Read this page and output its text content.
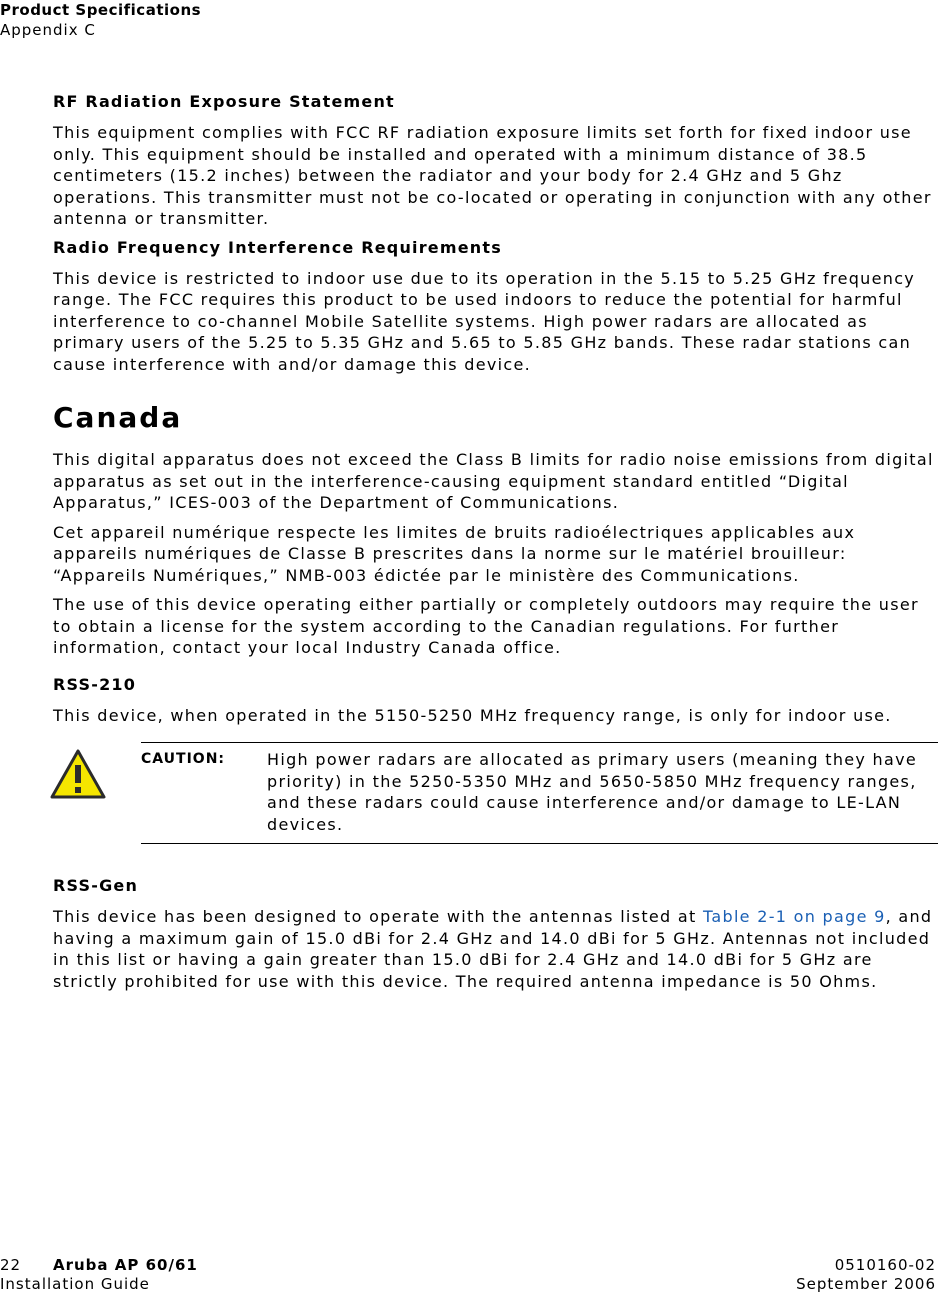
Product Specifications
Appendix C
RF Radiation Exposure Statement
This equipment complies with FCC RF radiation exposure limits set forth for fixed indoor use only. This equipment should be installed and operated with a minimum distance of 38.5 centimeters (15.2 inches) between the radiator and your body for 2.4 GHz and 5 Ghz operations. This transmitter must not be co-located or operating in conjunction with any other antenna or transmitter.
Radio Frequency Interference Requirements
This device is restricted to indoor use due to its operation in the 5.15 to 5.25 GHz frequency range. The FCC requires this product to be used indoors to reduce the potential for harmful interference to co-channel Mobile Satellite systems. High power radars are allocated as primary users of the 5.25 to 5.35 GHz and 5.65 to 5.85 GHz bands. These radar stations can cause interference with and/or damage this device.
Canada
This digital apparatus does not exceed the Class B limits for radio noise emissions from digital apparatus as set out in the interference-causing equipment standard entitled “Digital Apparatus,” ICES-003 of the Department of Communications.
Cet appareil numérique respecte les limites de bruits radioélectriques applicables aux appareils numériques de Classe B prescrites dans la norme sur le matériel brouilleur: “Appareils Numériques,” NMB-003 édictée par le ministère des Communications.
The use of this device operating either partially or completely outdoors may require the user to obtain a license for the system according to the Canadian regulations. For further information, contact your local Industry Canada office.
RSS-210
This device, when operated in the 5150-5250 MHz frequency range, is only for indoor use.
CAUTION:	High power radars are allocated as primary users (meaning they have priority) in the 5250-5350 MHz and 5650-5850 MHz frequency ranges, and these radars could cause interference and/or damage to LE-LAN devices.
RSS-Gen
This device has been designed to operate with the antennas listed at Table 2-1 on page 9, and having a maximum gain of 15.0 dBi for 2.4 GHz and 14.0 dBi for 5 GHz. Antennas not included in this list or having a gain greater than 15.0 dBi for 2.4 GHz and 14.0 dBi for 5 GHz are strictly prohibited for use with this device. The required antenna impedance is 50 Ohms.
22 Aruba AP 60/61
Installation Guide
0510160-02
September 2006
